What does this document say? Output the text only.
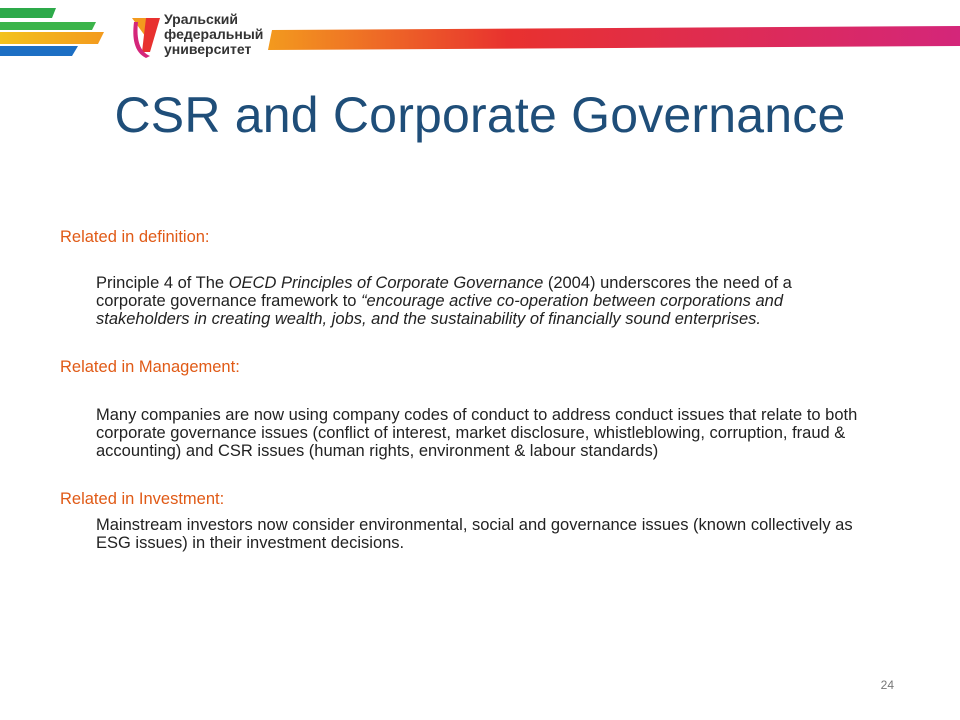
Уральский
федеральный
университет
CSR and Corporate Governance

Related in definition:

Principle 4 of The OECD Principles of Corporate Governance (2004) underscores the need of a corporate governance framework to “encourage active co-operation between corporations and stakeholders in creating wealth, jobs, and the sustainability of financially sound enterprises.

Related in Management:

Many companies are now using company codes of conduct to address conduct issues that relate to both corporate governance issues (conflict of interest, market disclosure, whistleblowing, corruption, fraud & accounting) and CSR issues (human rights, environment & labour standards)

Related in Investment:

Mainstream investors now consider environmental, social and governance issues (known collectively as ESG issues) in their investment decisions.

24
